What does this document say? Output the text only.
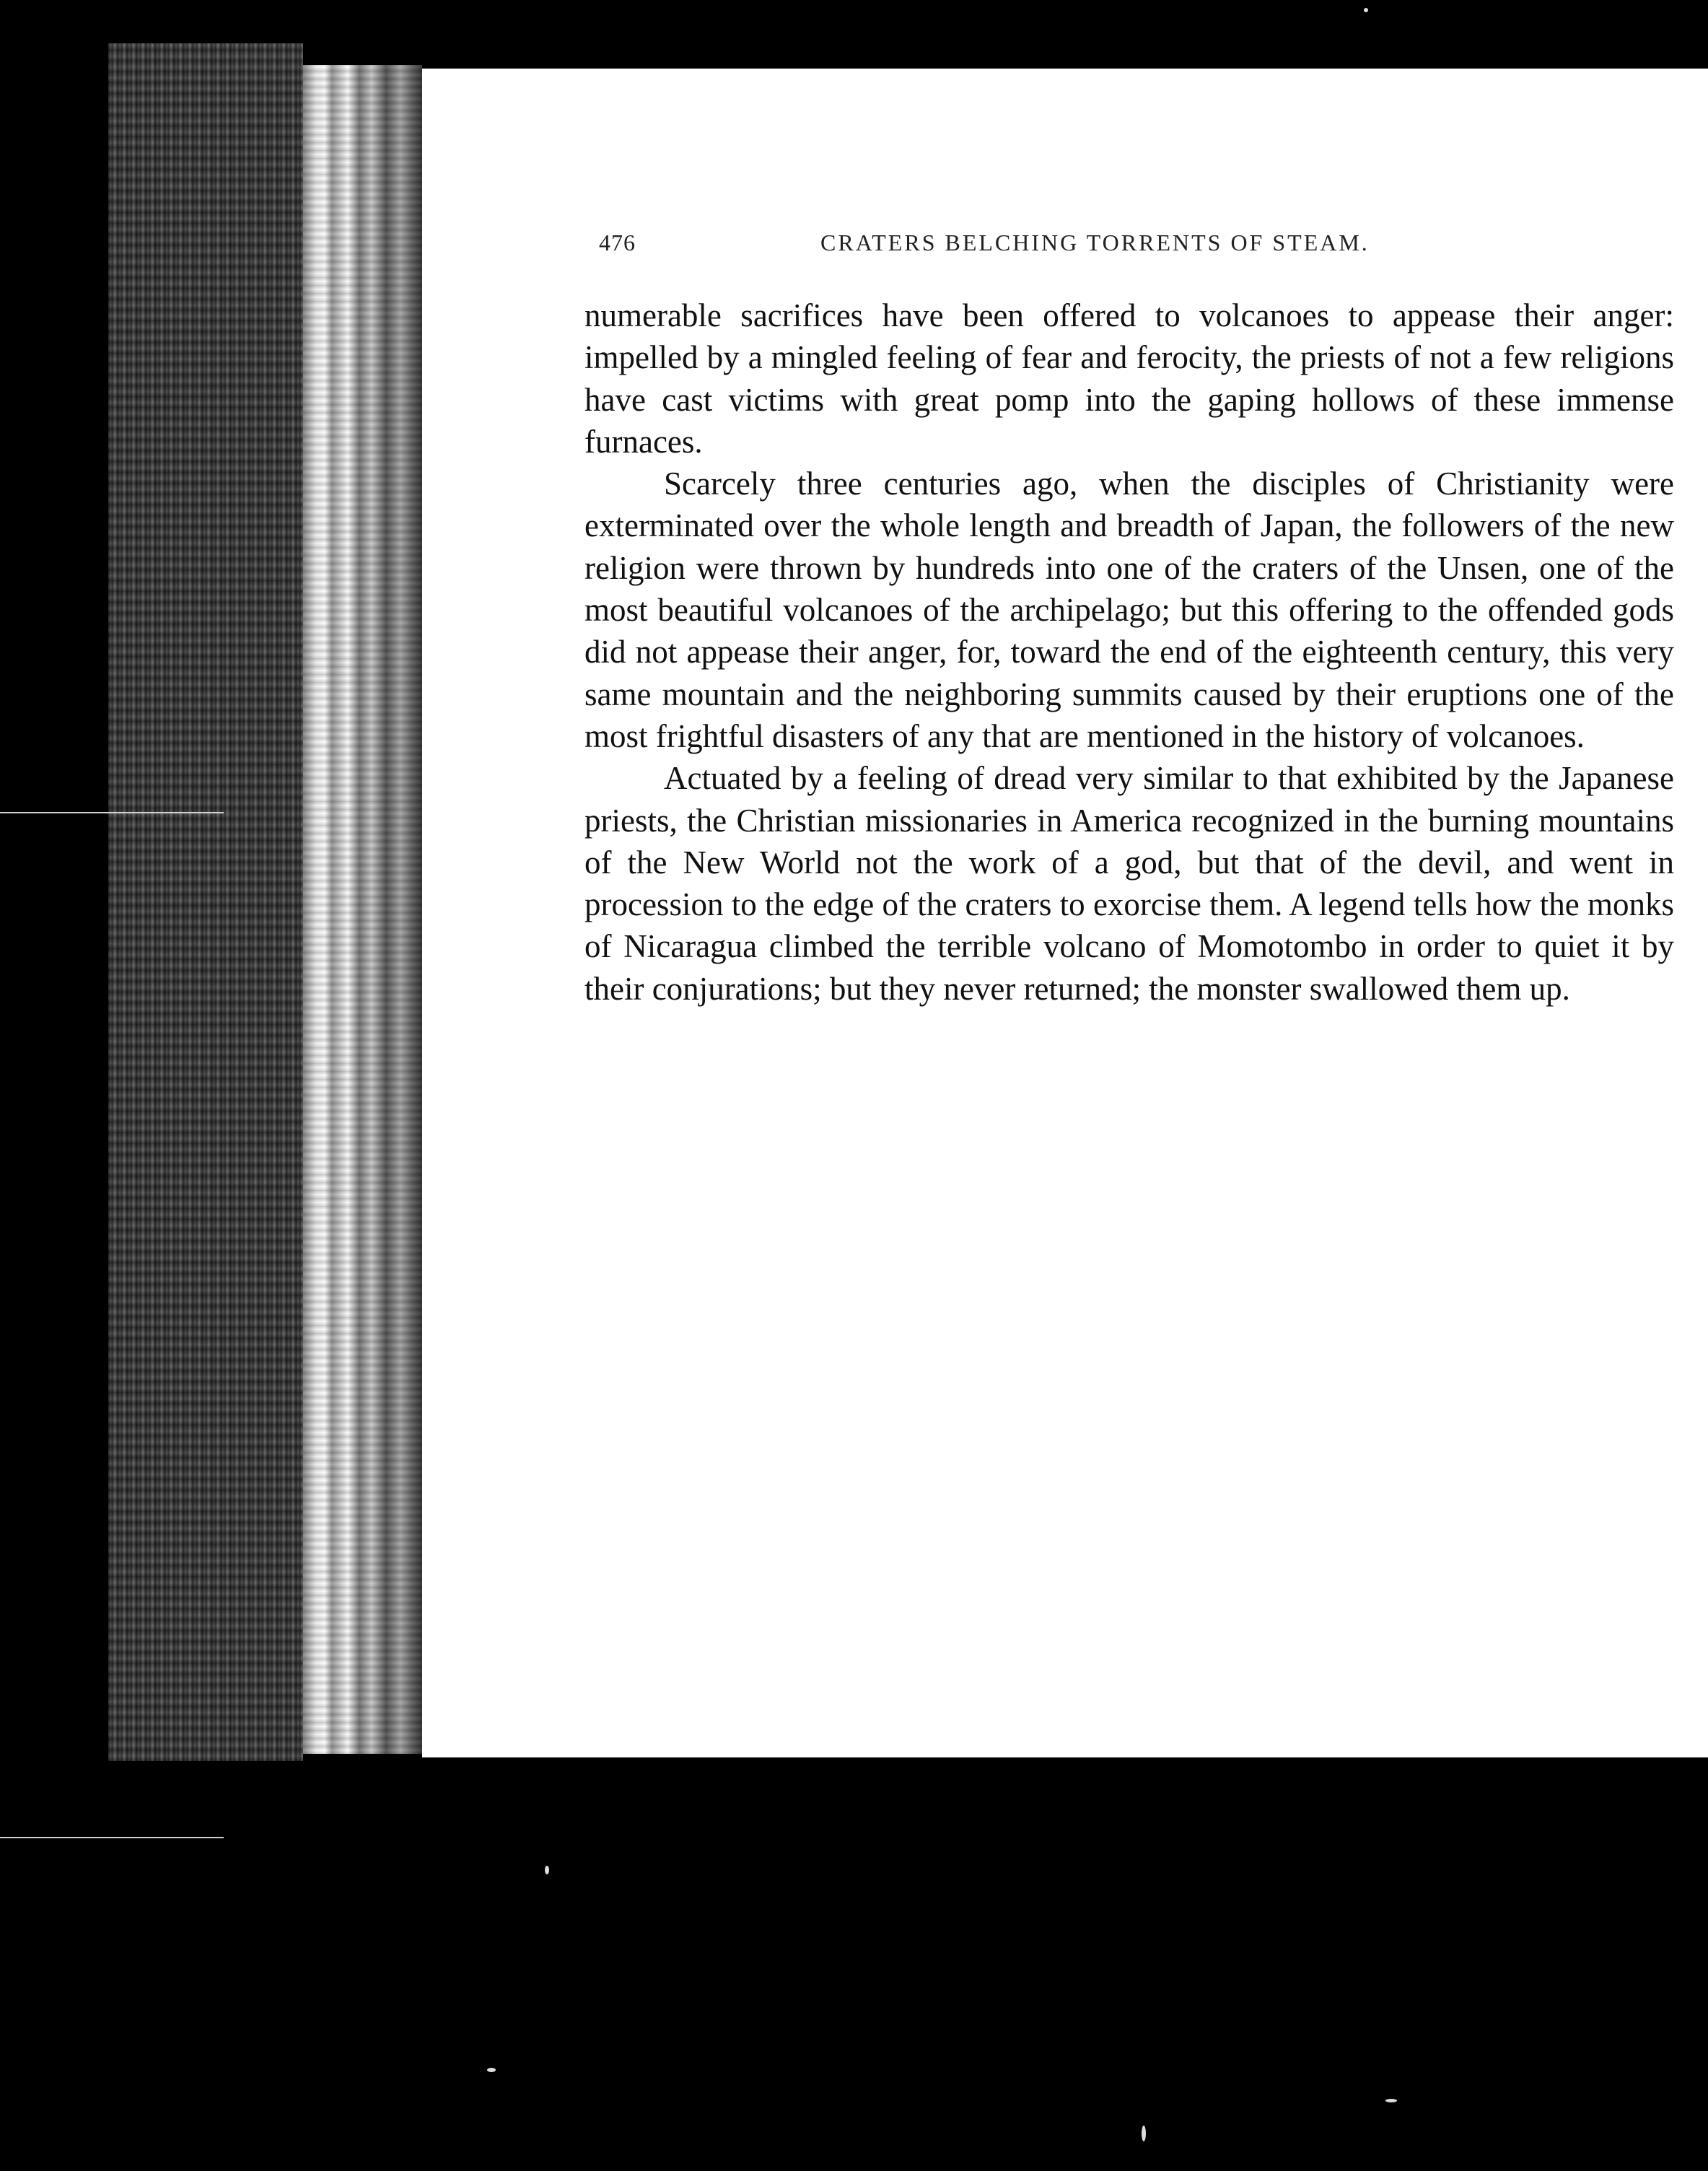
476	CRATERS BELCHING TORRENTS OF STEAM.

numerable sacrifices have been offered to volcanoes to appease their anger: impelled by a mingled feeling of fear and ferocity, the priests of not a few religions have cast victims with great pomp into the gaping hollows of these immense furnaces.

Scarcely three centuries ago, when the disciples of Christianity were exterminated over the whole length and breadth of Japan, the followers of the new religion were thrown by hundreds into one of the craters of the Unsen, one of the most beautiful volcanoes of the archipelago; but this offering to the offended gods did not appease their anger, for, toward the end of the eighteenth century, this very same mountain and the neighboring summits caused by their eruptions one of the most frightful disasters of any that are mentioned in the history of volcanoes.

Actuated by a feeling of dread very similar to that exhibited by the Japanese priests, the Christian missionaries in America recognized in the burning mountains of the New World not the work of a god, but that of the devil, and went in procession to the edge of the craters to exorcise them. A legend tells how the monks of Nicaragua climbed the terrible volcano of Momotombo in order to quiet it by their conjurations; but they never returned; the monster swallowed them up.
